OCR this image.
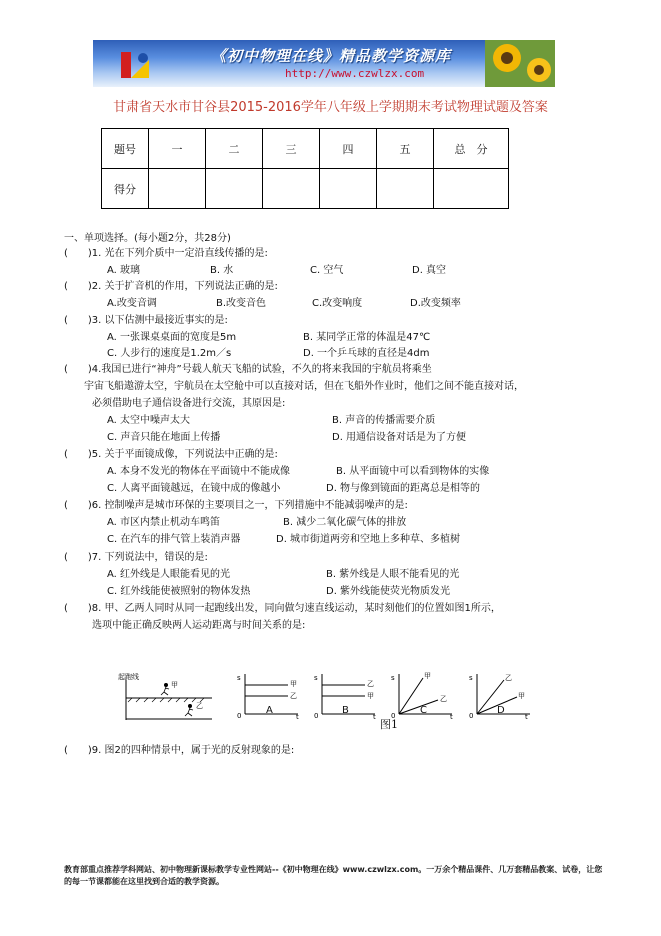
《初中物理在线》精品教学资源库
http://www.czwlzx.com
甘肃省天水市甘谷县2015-2016学年八年级上学期期末考试物理试题及答案
题号	一	二	三	四	五	总　分
得分						
一、单项选择。(每小题2分，共28分)
(　　)1. 光在下列介质中一定沿直线传播的是:
A. 玻璃	B. 水	C. 空气	D. 真空
(　　)2. 关于扩音机的作用，下列说法正确的是:
A.改变音调	B.改变音色	C.改变响度	D.改变频率
(　　)3. 以下估测中最接近事实的是:
A. 一张课桌桌面的宽度是5m	B. 某同学正常的体温是47℃
C. 人步行的速度是1.2m／s	D. 一个乒乓球的直径是4dm
(　　)4.我国已进行“神舟”号载人航天飞船的试验，不久的将来我国的宇航员将乘坐
宇宙飞船遨游太空，宇航员在太空舱中可以直接对话，但在飞船外作业时，他们之间不能直接对话，
必须借助电子通信设备进行交流，其原因是:
A. 太空中噪声太大	B. 声音的传播需要介质
C. 声音只能在地面上传播	D. 用通信设备对话是为了方便
(　　)5. 关于平面镜成像，下列说法中正确的是:
A. 本身不发光的物体在平面镜中不能成像	B. 从平面镜中可以看到物体的实像
C. 人离平面镜越远，在镜中成的像越小	D. 物与像到镜面的距离总是相等的
(　　)6. 控制噪声是城市环保的主要项目之一，下列措施中不能减弱噪声的是:
A. 市区内禁止机动车鸣笛	B. 减少二氧化碳气体的排放
C. 在汽车的排气管上装消声器	D. 城市街道两旁和空地上多种草、多植树
(　　)7. 下列说法中，错误的是:
A. 红外线是人眼能看见的光	B. 紫外线是人眼不能看见的光
C. 红外线能使被照射的物体发热	D. 紫外线能使荧光物质发光
(　　)8. 甲、乙两人同时从同一起跑线出发，同向做匀速直线运动，某时刻他们的位置如图1所示，
选项中能正确反映两人运动距离与时间关系的是:
起跑线
甲
乙
s
t
0
甲
乙
s
t
0
乙
甲
s
t
0
甲
乙
s
t
0
乙
甲
A	B	C	D
图1
(　　)9. 图2的四种情景中，属于光的反射现象的是:
教育部重点推荐学科网站、初中物理新课标教学专业性网站--《初中物理在线》www.czwlzx.com。一万余个精品课件、几万套精品教案、试卷，让您的每一节课都能在这里找到合适的教学资源。
